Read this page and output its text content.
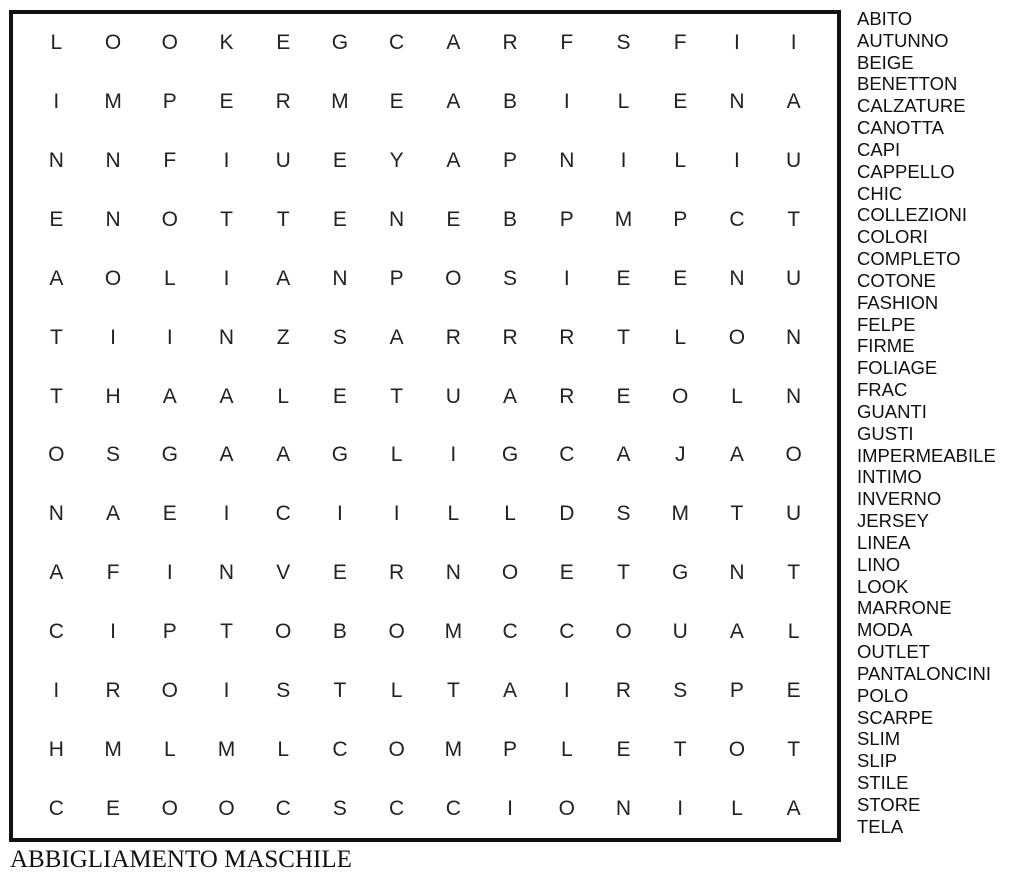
L	O	O	K	E	G	C	A	R	F	S	F	I	I
I	M	P	E	R	M	E	A	B	I	L	E	N	A
N	N	F	I	U	E	Y	A	P	N	I	L	I	U
E	N	O	T	T	E	N	E	B	P	M	P	C	T
A	O	L	I	A	N	P	O	S	I	E	E	N	U
T	I	I	N	Z	S	A	R	R	R	T	L	O	N
T	H	A	A	L	E	T	U	A	R	E	O	L	N
O	S	G	A	A	G	L	I	G	C	A	J	A	O
N	A	E	I	C	I	I	L	L	D	S	M	T	U
A	F	I	N	V	E	R	N	O	E	T	G	N	T
C	I	P	T	O	B	O	M	C	C	O	U	A	L
I	R	O	I	S	T	L	T	A	I	R	S	P	E
H	M	L	M	L	C	O	M	P	L	E	T	O	T
C	E	O	O	C	S	C	C	I	O	N	I	L	A
ABITO
AUTUNNO
BEIGE
BENETTON
CALZATURE
CANOTTA
CAPI
CAPPELLO
CHIC
COLLEZIONI
COLORI
COMPLETO
COTONE
FASHION
FELPE
FIRME
FOLIAGE
FRAC
GUANTI
GUSTI
IMPERMEABILE
INTIMO
INVERNO
JERSEY
LINEA
LINO
LOOK
MARRONE
MODA
OUTLET
PANTALONCINI
POLO
SCARPE
SLIM
SLIP
STILE
STORE
TELA
ABBIGLIAMENTO MASCHILE
